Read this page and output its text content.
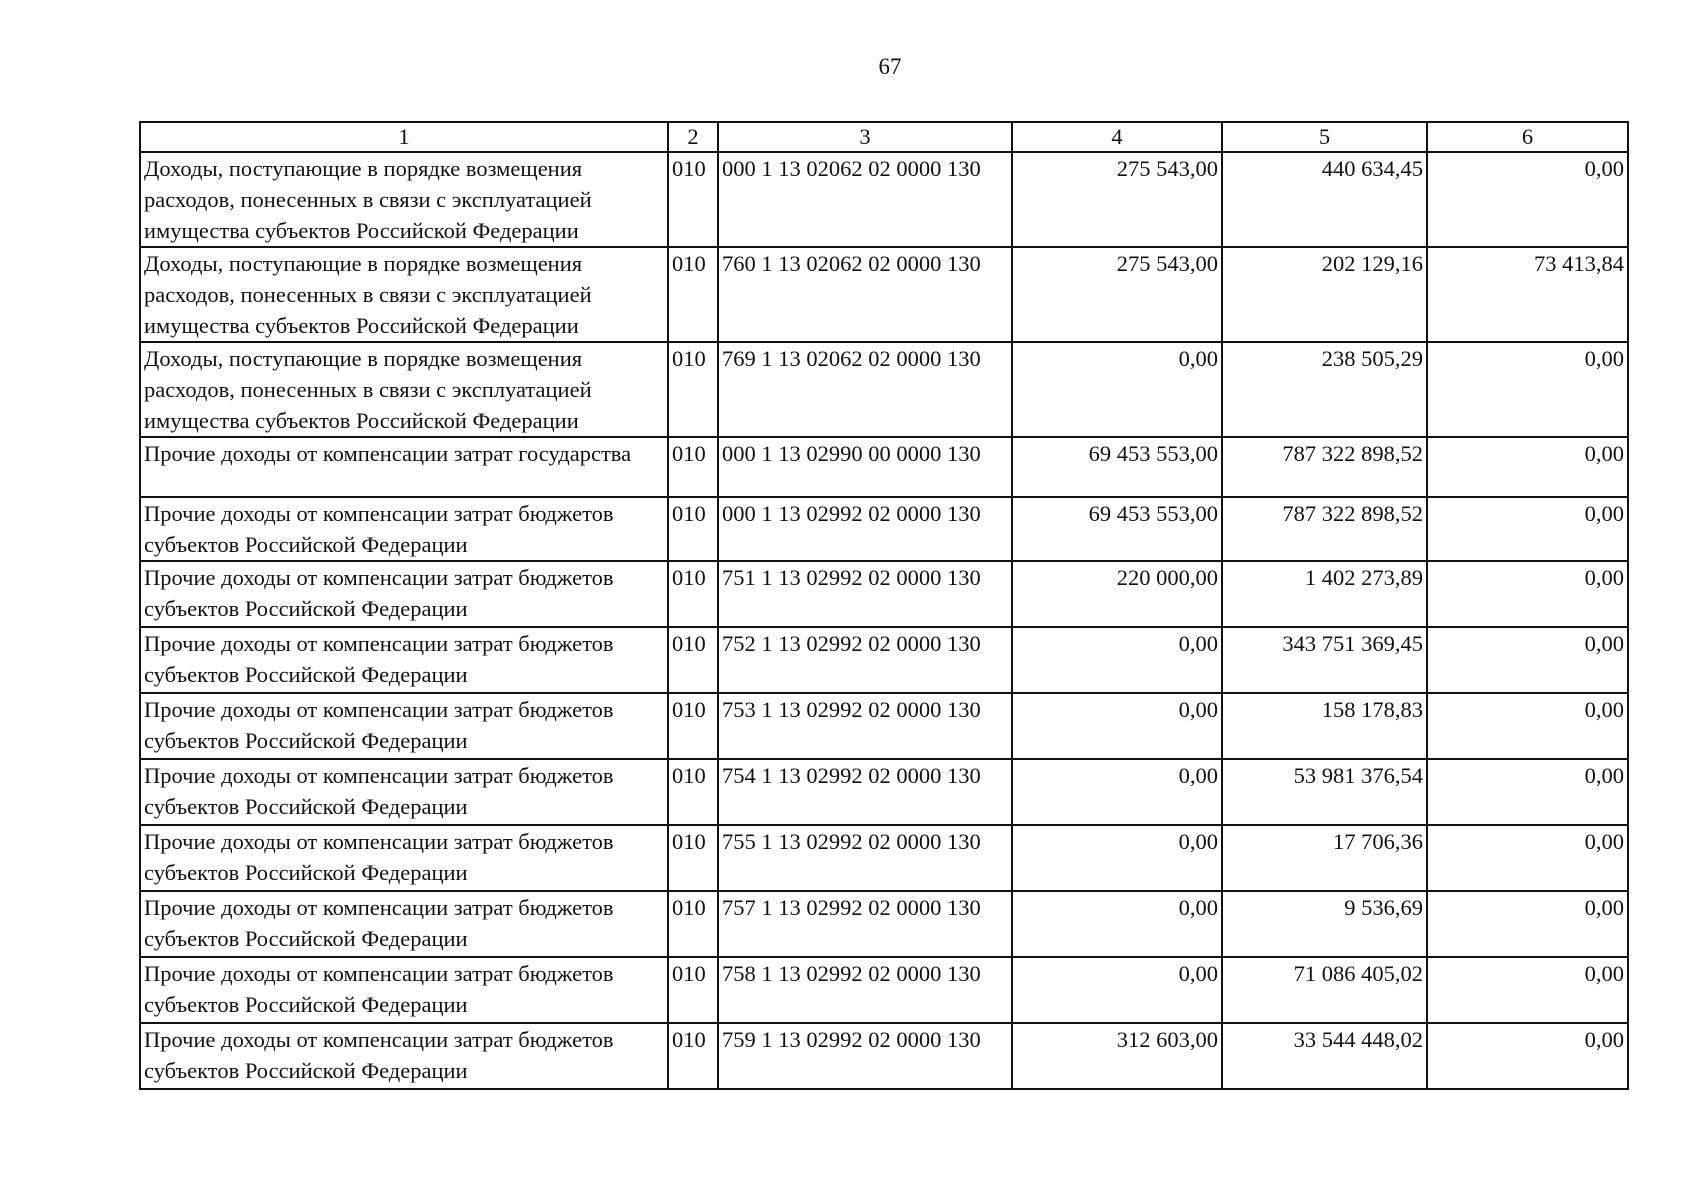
67
1	2	3	4	5	6
Доходы, поступающие в порядке возмещения расходов, понесенных в связи с эксплуатацией имущества субъектов Российской Федерации	010	000 1 13 02062 02 0000 130	275 543,00	440 634,45	0,00
Доходы, поступающие в порядке возмещения расходов, понесенных в связи с эксплуатацией имущества субъектов Российской Федерации	010	760 1 13 02062 02 0000 130	275 543,00	202 129,16	73 413,84
Доходы, поступающие в порядке возмещения расходов, понесенных в связи с эксплуатацией имущества субъектов Российской Федерации	010	769 1 13 02062 02 0000 130	0,00	238 505,29	0,00
Прочие доходы от компенсации затрат государства	010	000 1 13 02990 00 0000 130	69 453 553,00	787 322 898,52	0,00
Прочие доходы от компенсации затрат бюджетов субъектов Российской Федерации	010	000 1 13 02992 02 0000 130	69 453 553,00	787 322 898,52	0,00
Прочие доходы от компенсации затрат бюджетов субъектов Российской Федерации	010	751 1 13 02992 02 0000 130	220 000,00	1 402 273,89	0,00
Прочие доходы от компенсации затрат бюджетов субъектов Российской Федерации	010	752 1 13 02992 02 0000 130	0,00	343 751 369,45	0,00
Прочие доходы от компенсации затрат бюджетов субъектов Российской Федерации	010	753 1 13 02992 02 0000 130	0,00	158 178,83	0,00
Прочие доходы от компенсации затрат бюджетов субъектов Российской Федерации	010	754 1 13 02992 02 0000 130	0,00	53 981 376,54	0,00
Прочие доходы от компенсации затрат бюджетов субъектов Российской Федерации	010	755 1 13 02992 02 0000 130	0,00	17 706,36	0,00
Прочие доходы от компенсации затрат бюджетов субъектов Российской Федерации	010	757 1 13 02992 02 0000 130	0,00	9 536,69	0,00
Прочие доходы от компенсации затрат бюджетов субъектов Российской Федерации	010	758 1 13 02992 02 0000 130	0,00	71 086 405,02	0,00
Прочие доходы от компенсации затрат бюджетов субъектов Российской Федерации	010	759 1 13 02992 02 0000 130	312 603,00	33 544 448,02	0,00
